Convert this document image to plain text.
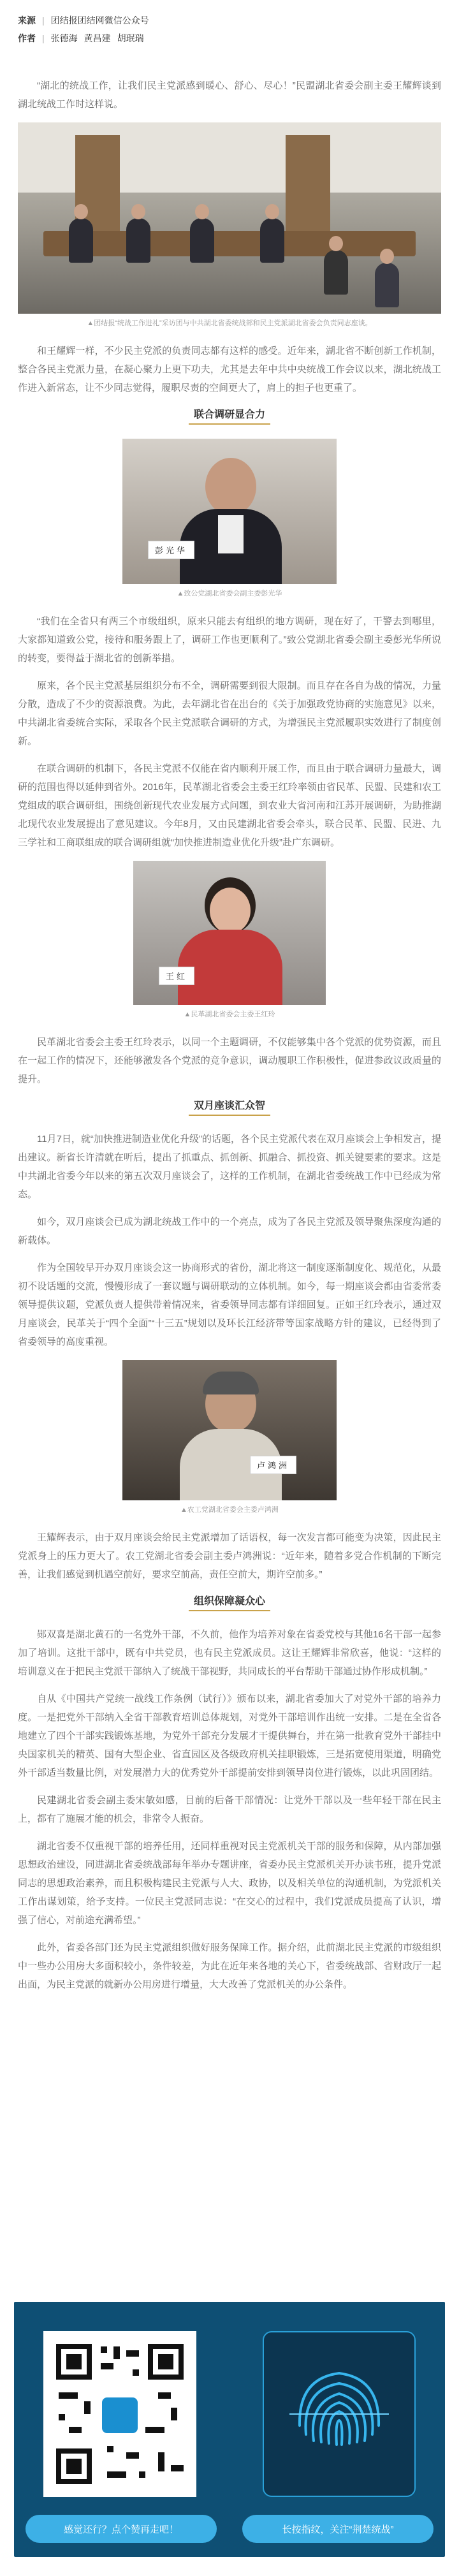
来源 | 团结报团结网微信公众号
作者 | 张德海 黄昌建 胡珉瑞

“湖北的统战工作，让我们民主党派感到暖心、舒心、尽心！”民盟湖北省委会副主委王耀辉谈到湖北统战工作时这样说。

▲团结报“统战工作进礼”采访团与中共湖北省委统战部和民主党派湖北省委会负责同志座谈。

和王耀辉一样，不少民主党派的负责同志都有这样的感受。近年来，湖北省不断创新工作机制，整合各民主党派力量，在凝心聚力上更下功夫，尤其是去年中共中央统战工作会议以来，湖北统战工作进入新常态，让不少同志觉得，履职尽责的空间更大了，肩上的担子也更重了。

联合调研显合力
彭光华
▲致公党湖北省委会副主委彭光华

“我们在全省只有两三个市级组织，原来只能去有组织的地方调研，现在好了，干警去到哪里，大家都知道致公党，接待和服务跟上了，调研工作也更顺利了。”致公党湖北省委会副主委彭光华所说的转变，要得益于湖北省的创新举措。

原来，各个民主党派基层组织分布不全，调研需要到很大限制。而且存在各自为战的情况，力量分散，造成了不少的资源浪费。为此，去年湖北省在出台的《关于加强政党协商的实施意见》以来，中共湖北省委统合实际，采取各个民主党派联合调研的方式，为增强民主党派履职实效进行了制度创新。

在联合调研的机制下，各民主党派不仅能在省内顺利开展工作，而且由于联合调研力量最大，调研的范围也得以延伸到省外。2016年，民革湖北省委会主委王红玲率领由省民革、民盟、民建和农工党组成的联合调研组，围绕创新现代农业发展方式问题，到农业大省河南和江苏开展调研，为助推湖北现代农业发展提出了意见建议。今年8月，又由民建湖北省委会牵头，联合民革、民盟、民进、九三学社和工商联组成的联合调研组就“加快推进制造业优化升级”赴广东调研。

王红
▲民革湖北省委会主委王红玲

民革湖北省委会主委王红玲表示，以同一个主题调研，不仅能够集中各个党派的优势资源，而且在一起工作的情况下，还能够激发各个党派的竞争意识，调动履职工作积极性，促进参政议政质量的提升。

双月座谈汇众智

11月7日，就“加快推进制造业优化升级”的话题，各个民主党派代表在双月座谈会上争相发言，提出建议。新省长许清就在听后，提出了抓重点、抓创新、抓融合、抓投资、抓关键要素的要求。这是中共湖北省委今年以来的第五次双月座谈会了，这样的工作机制，在湖北省委统战工作中已经成为常态。

如今，双月座谈会已成为湖北统战工作中的一个亮点，成为了各民主党派及领导聚焦深度沟通的新载体。

作为全国较早开办双月座谈会这一协商形式的省份，湖北将这一制度逐渐制度化、规范化，从最初不设话题的交流，慢慢形成了一套议题与调研联动的立体机制。如今，每一期座谈会都由省委常委领导提供议题，党派负责人提供带着情况来，省委领导同志都有详细回复。正如王红玲表示，通过双月座谈会，民革关于“四个全面”“十三五”规划以及环长江经济带等国家战略方针的建议，已经得到了省委领导的高度重视。

卢鸿洲
▲农工党湖北省委会主委卢鸿洲

王耀辉表示，由于双月座谈会给民主党派增加了话语权，每一次发言都可能变为决策，因此民主党派身上的压力更大了。农工党湖北省委会副主委卢鸿洲说：“近年来，随着多党合作机制的下断完善，让我们感觉到机遇空前好，要求空前高，责任空前大，期许空前多。”

组织保障凝众心

郧双喜是湖北黄石的一名党外干部，不久前，他作为培养对象在省委党校与其他16名干部一起参加了培训。这批干部中，既有中共党员，也有民主党派成员。这让王耀辉非常欣喜，他说：“这样的培训意义在于把民主党派干部纳入了统战干部视野，共同成长的平台帮助干部通过协作形成机制。”

自从《中国共产党统一战线工作条例（试行）》颁布以来，湖北省委加大了对党外干部的培养力度。一是把党外干部纳入全省干部教育培训总体规划，对党外干部培训作出统一安排。二是在全省各地建立了四个干部实践锻炼基地，为党外干部充分发展才干提供舞台，并在第一批教育党外干部挂中央国家机关的精英、国有大型企业、省直园区及各级政府机关挂职锻炼，三是拓宽使用渠道，明确党外干部适当数量比例，对发展潜力大的优秀党外干部提前安排到领导岗位进行锻炼，以此巩固团结。

民建湖北省委会副主委宋敏如感，目前的后备干部情况：让党外干部以及一些年轻干部在民主上，都有了施展才能的机会，非常令人振奋。

湖北省委不仅重视干部的培养任用，还同样重视对民主党派机关干部的服务和保障，从内部加强思想政治建设，同进湖北省委统战部每年举办专题讲座，省委办民主党派机关开办读书班，提升党派同志的思想政治素养，而且积极构建民主党派与人大、政协，以及相关单位的沟通机制，为党派机关工作出谋划策，给予支持。一位民主党派同志说：“在交心的过程中，我们党派成员提高了认识，增强了信心，对前途充满希望。”

此外，省委各部门还为民主党派组织做好服务保障工作。据介绍，此前湖北民主党派的市级组织中一些办公用房大多面积较小，条件较差，为此在近年来各地的关心下，省委统战部、省财政厅一起出面，为民主党派的就新办公用房进行增量，大大改善了党派机关的办公条件。

感觉还行？点个赞再走吧！	长按指纹，关注“荆楚统战”
